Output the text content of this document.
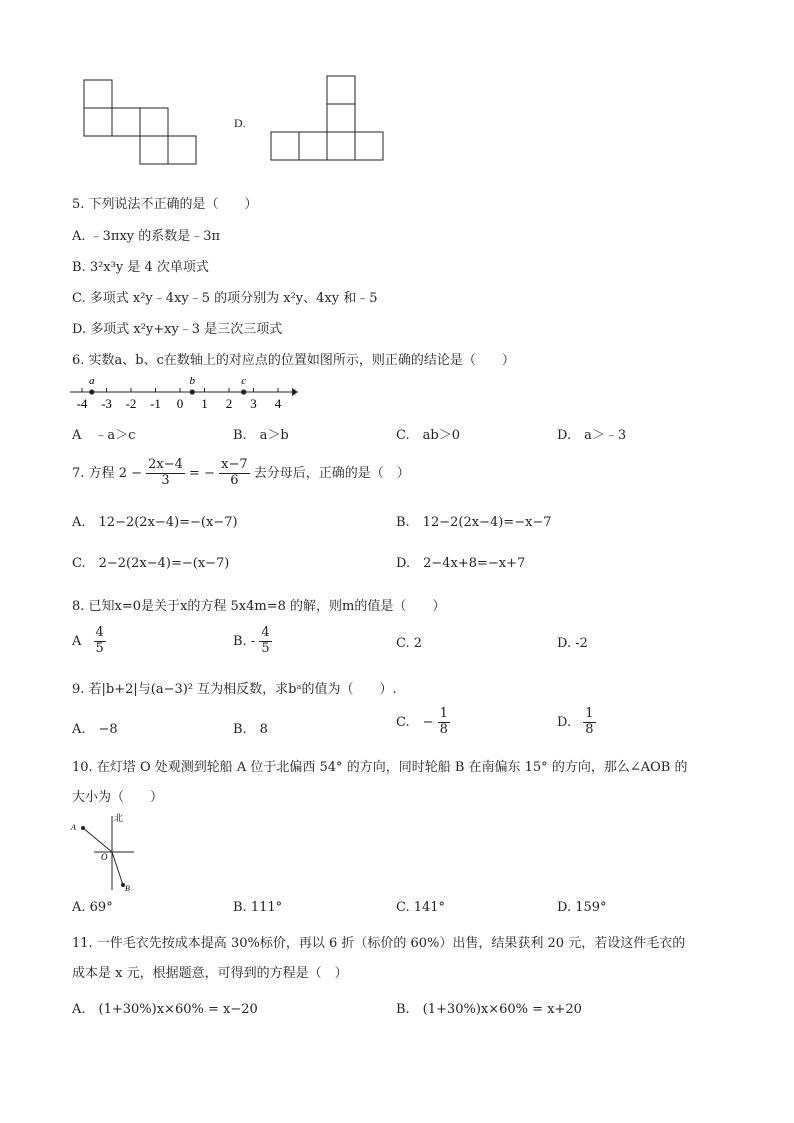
D.
5. 下列说法不正确的是（　　）
A. ﹣3πxy 的系数是﹣3π
B. 3²x³y 是 4 次单项式
C. 多项式 x²y﹣4xy﹣5 的项分别为 x²y、4xy 和﹣5
D. 多项式 x²y+xy﹣3 是三次三项式
6. 实数a、b、c在数轴上的对应点的位置如图所示，则正确的结论是（　　）
-4 -3 -2 -1 0 1 2 3 4
a	b	c
A　﹣a＞c	B.　a＞b	C.　ab＞0	D.　a＞﹣3
7. 方程 $2 - \frac{2x-4}{3}$ = − $\frac{x-7}{6}$ 去分母后，正确的是（　）
A.　12−2(2x−4)=−(x−7)	B.　12−2(2x−4)=−x−7
C.　2−2(2x−4)=−(x−7)	D.　2−4x+8=−x+7
8. 已知x=0是关于x的方程 5x4m=8 的解，则m的值是（　　）
A $\frac{4}{5}$	B. - $\frac{4}{5}$	C. 2	D. -2
9. 若|b+2|与(a−3)² 互为相反数，求bᵃ的值为（　　）.
A.　−8	B.　8	C.　− $\frac{1}{8}$	D. $\frac{1}{8}$
10. 在灯塔 O 处观测到轮船 A 位于北偏西 54° 的方向，同时轮船 B 在南偏东 15° 的方向，那么∠AOB 的
大小为（　　）
北
O
A
B
A. 69°	B. 111°	C. 141°	D. 159°
11. 一件毛衣先按成本提高 30%标价，再以 6 折（标价的 60%）出售，结果获利 20 元，若设这件毛衣的
成本是 x 元，根据题意，可得到的方程是（　）
A.　(1+30%)x×60% = x−20	B.　(1+30%)x×60% = x+20
